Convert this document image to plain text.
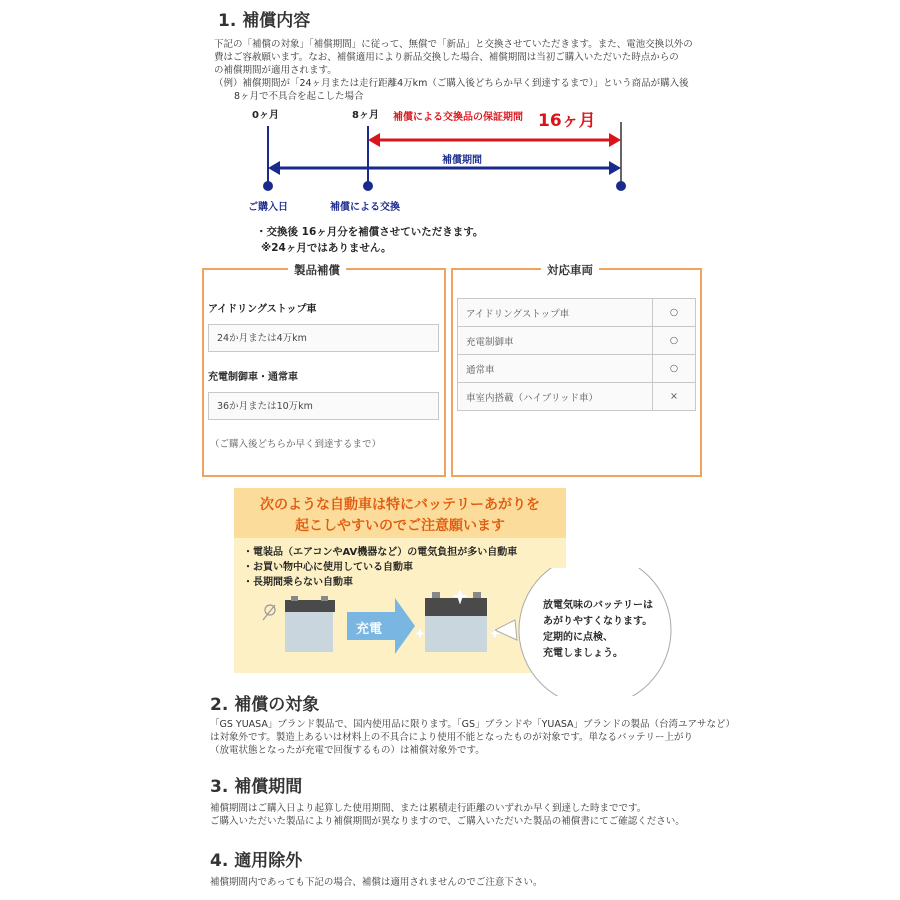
1. 補償内容
下記の「補償の対象」「補償期間」に従って、無償で「新品」と交換させていただきます。また、電池交換以外の
費はご容赦願います。なお、補償適用により新品交換した場合、補償期間は当初ご購入いただいた時点からの
の補償期間が適用されます。
（例）補償期間が「24ヶ月または走行距離4万km（ご購入後どちらか早く到達するまで）」という商品が購入後
8ヶ月で不具合を起こした場合
0ヶ月	8ヶ月 補償による交換品の保証期間 16ヶ月
補償期間
ご購入日	補償による交換
・交換後 16ヶ月分を補償させていただきます。
※24ヶ月ではありません。
製品補償
アイドリングストップ車
24か月または4万km
充電制御車・通常車
36か月または10万km
（ご購入後どちらか早く到達するまで）
対応車両
アイドリングストップ車	○
充電制御車	○
通常車	○
車室内搭載（ハイブリッド車）	×
次のような自動車は特にバッテリーあがりを
起こしやすいのでご注意願います
・電装品（エアコンやAV機器など）の電気負担が多い自動車
・お買い物中心に使用している自動車
・長期間乗らない自動車
充電
放電気味のバッテリーは
あがりやすくなります。
定期的に点検、
充電しましょう。
2. 補償の対象
「GS YUASA」ブランド製品で、国内使用品に限ります。「GS」ブランドや「YUASA」ブランドの製品（台湾ユアサなど）
は対象外です。製造上あるいは材料上の不具合により使用不能となったものが対象です。単なるバッテリー上がり
（放電状態となったが充電で回復するもの）は補償対象外です。
3. 補償期間
補償期間はご購入日より起算した使用期間、または累積走行距離のいずれか早く到達した時までです。
ご購入いただいた製品により補償期間が異なりますので、ご購入いただいた製品の補償書にてご確認ください。
4. 適用除外
補償期間内であっても下記の場合、補償は適用されませんのでご注意下さい。
